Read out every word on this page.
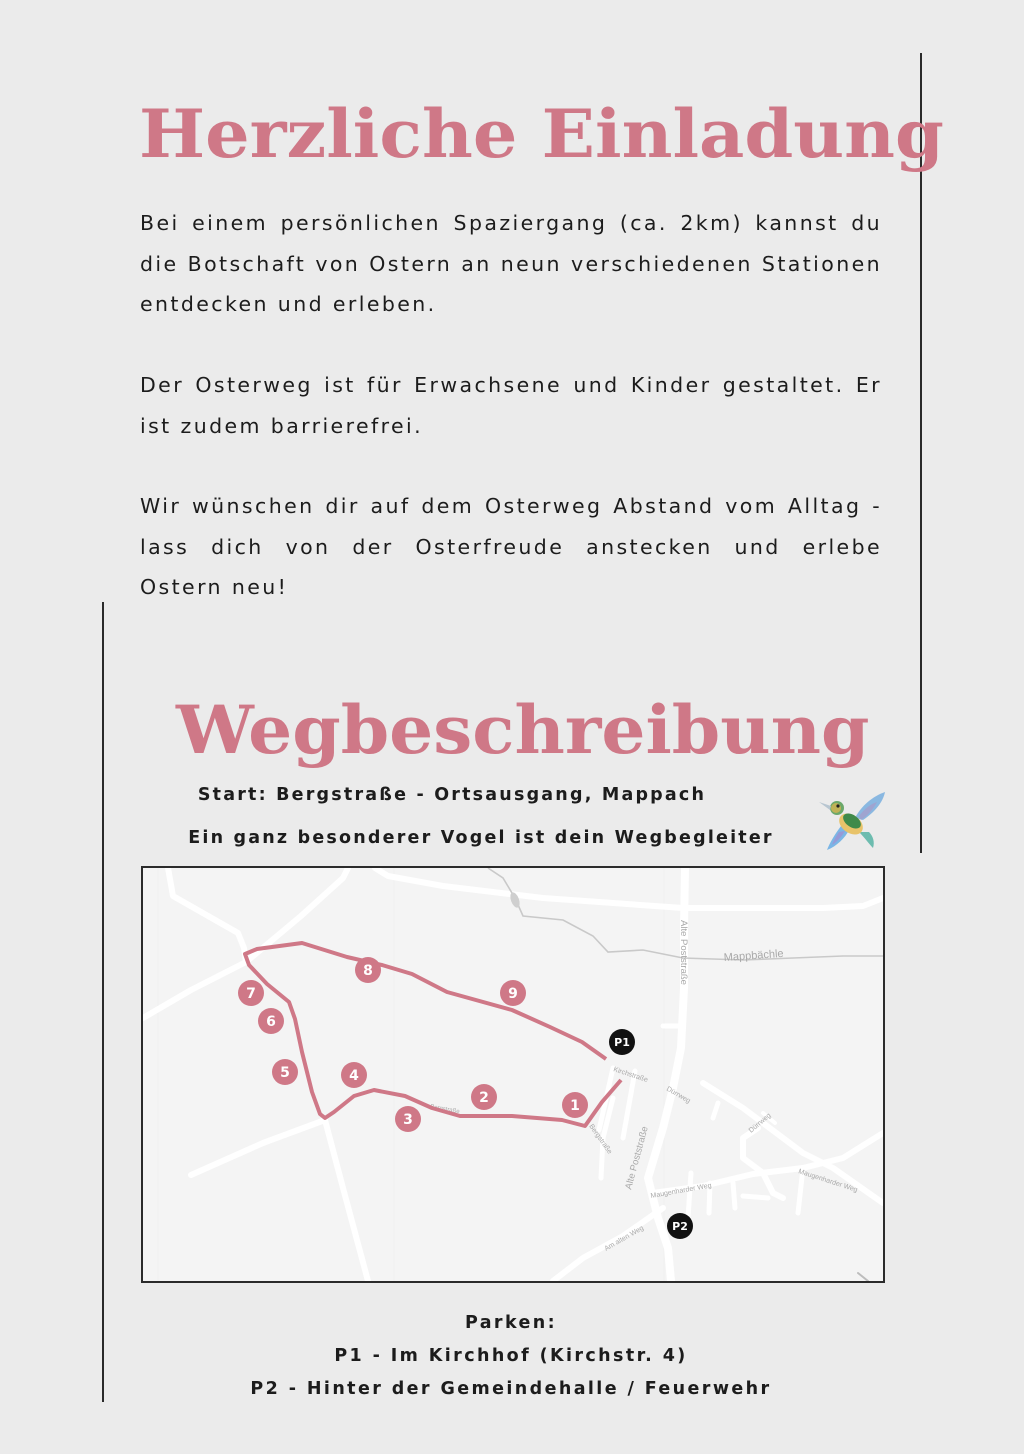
Herzliche Einladung
Bei einem persönlichen Spaziergang (ca. 2km) kannst du die Botschaft von Ostern an neun verschiedenen Stationen entdecken und erleben.
Der Osterweg ist für Erwachsene und Kinder gestaltet. Er ist zudem barrierefrei.
Wir wünschen dir auf dem Osterweg Abstand vom Alltag - lass dich von der Osterfreude anstecken und erlebe Ostern neu!
Wegbeschreibung
Start: Bergstraße - Ortsausgang, Mappach
Ein ganz besonderer Vogel ist dein Wegbegleiter
Alte Poststraße	Mappbächle
Kirchstraße
Dürrweg
Dürrweg
Bergstraße Alte Poststraße
Maugenharder Weg	Maugenharder Weg
Am alten Weg
Bergstraße	1
2
3
4
5
6
7
8
9
P1
P2
Parken:
P1 - Im Kirchhof (Kirchstr. 4)
P2 - Hinter der Gemeindehalle / Feuerwehr
